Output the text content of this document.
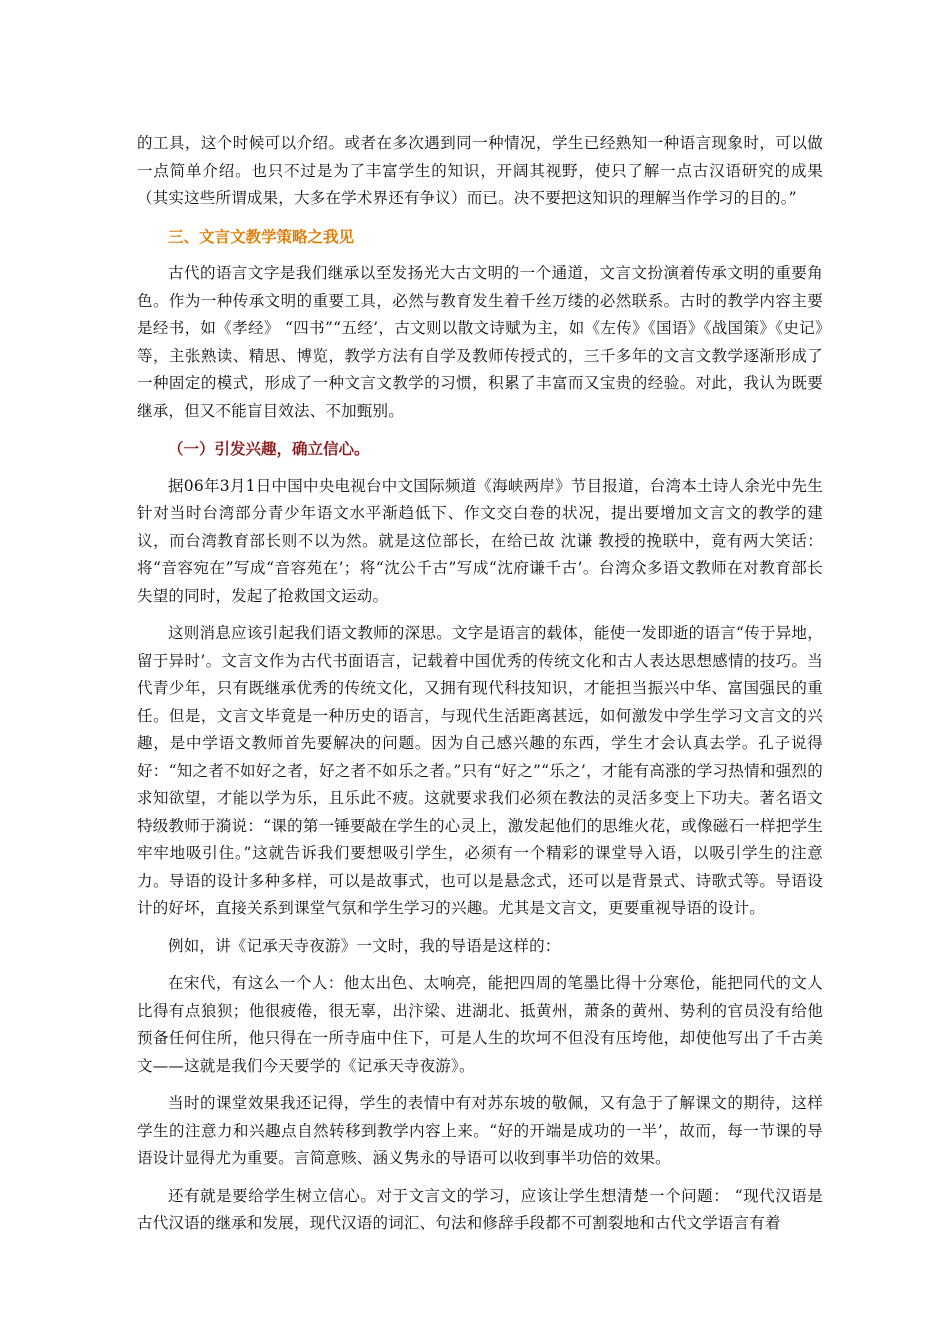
的工具，这个时候可以介绍。或者在多次遇到同一种情况，学生已经熟知一种语言现象时，可以做一点简单介绍。也只不过是为了丰富学生的知识，开阔其视野，使只了解一点古汉语研究的成果（其实这些所谓成果，大多在学术界还有争议）而已。决不要把这知识的理解当作学习的目的。”

三、文言文教学策略之我见

古代的语言文字是我们继承以至发扬光大古文明的一个通道，文言文扮演着传承文明的重要角色。作为一种传承文明的重要工具，必然与教育发生着千丝万缕的必然联系。古时的教学内容主要是经书，如《孝经》 “四书”“五经’，古文则以散文诗赋为主，如《左传》《国语》《战国策》《史记》等，主张熟读、精思、博览，教学方法有自学及教师传授式的，三千多年的文言文教学逐渐形成了一种固定的模式，形成了一种文言文教学的习惯，积累了丰富而又宝贵的经验。对此，我认为既要继承，但又不能盲目效法、不加甄别。

（一）引发兴趣，确立信心。

据06年3月1日中国中央电视台中文国际频道《海峡两岸》节目报道，台湾本土诗人余光中先生针对当时台湾部分青少年语文水平渐趋低下、作文交白卷的状况，提出要增加文言文的教学的建议，而台湾教育部长则不以为然。就是这位部长，在给已故 沈谦 教授的挽联中，竟有两大笑话：将“音容宛在”写成“音容苑在’；将“沈公千古”写成“沈府谦千古’。台湾众多语文教师在对教育部长失望的同时，发起了抢救国文运动。

这则消息应该引起我们语文教师的深思。文字是语言的载体，能使一发即逝的语言“传于异地，留于异时’。文言文作为古代书面语言，记载着中国优秀的传统文化和古人表达思想感情的技巧。当代青少年，只有既继承优秀的传统文化，又拥有现代科技知识，才能担当振兴中华、富国强民的重任。但是，文言文毕竟是一种历史的语言，与现代生活距离甚远，如何激发中学生学习文言文的兴趣，是中学语文教师首先要解决的问题。因为自己感兴趣的东西，学生才会认真去学。孔子说得好：“知之者不如好之者，好之者不如乐之者。”只有“好之”“乐之’，才能有高涨的学习热情和强烈的求知欲望，才能以学为乐，且乐此不疲。这就要求我们必须在教法的灵活多变上下功夫。著名语文特级教师于漪说：“课的第一锤要敲在学生的心灵上，激发起他们的思维火花，或像磁石一样把学生牢牢地吸引住。”这就告诉我们要想吸引学生，必须有一个精彩的课堂导入语，以吸引学生的注意力。导语的设计多种多样，可以是故事式，也可以是悬念式，还可以是背景式、诗歌式等。导语设计的好坏，直接关系到课堂气氛和学生学习的兴趣。尤其是文言文，更要重视导语的设计。

例如，讲《记承天寺夜游》一文时，我的导语是这样的：

在宋代，有这么一个人：他太出色、太响亮，能把四周的笔墨比得十分寒伧，能把同代的文人比得有点狼狈；他很疲倦，很无辜，出汴梁、进湖北、抵黄州，萧条的黄州、势利的官员没有给他预备任何住所，他只得在一所寺庙中住下，可是人生的坎坷不但没有压垮他，却使他写出了千古美文——这就是我们今天要学的《记承天寺夜游》。

当时的课堂效果我还记得，学生的表情中有对苏东坡的敬佩，又有急于了解课文的期待，这样学生的注意力和兴趣点自然转移到教学内容上来。“好的开端是成功的一半’，故而，每一节课的导语设计显得尤为重要。言简意赅、涵义隽永的导语可以收到事半功倍的效果。

还有就是要给学生树立信心。对于文言文的学习，应该让学生想清楚一个问题： “现代汉语是古代汉语的继承和发展，现代汉语的词汇、句法和修辞手段都不可割裂地和古代文学语言有着
